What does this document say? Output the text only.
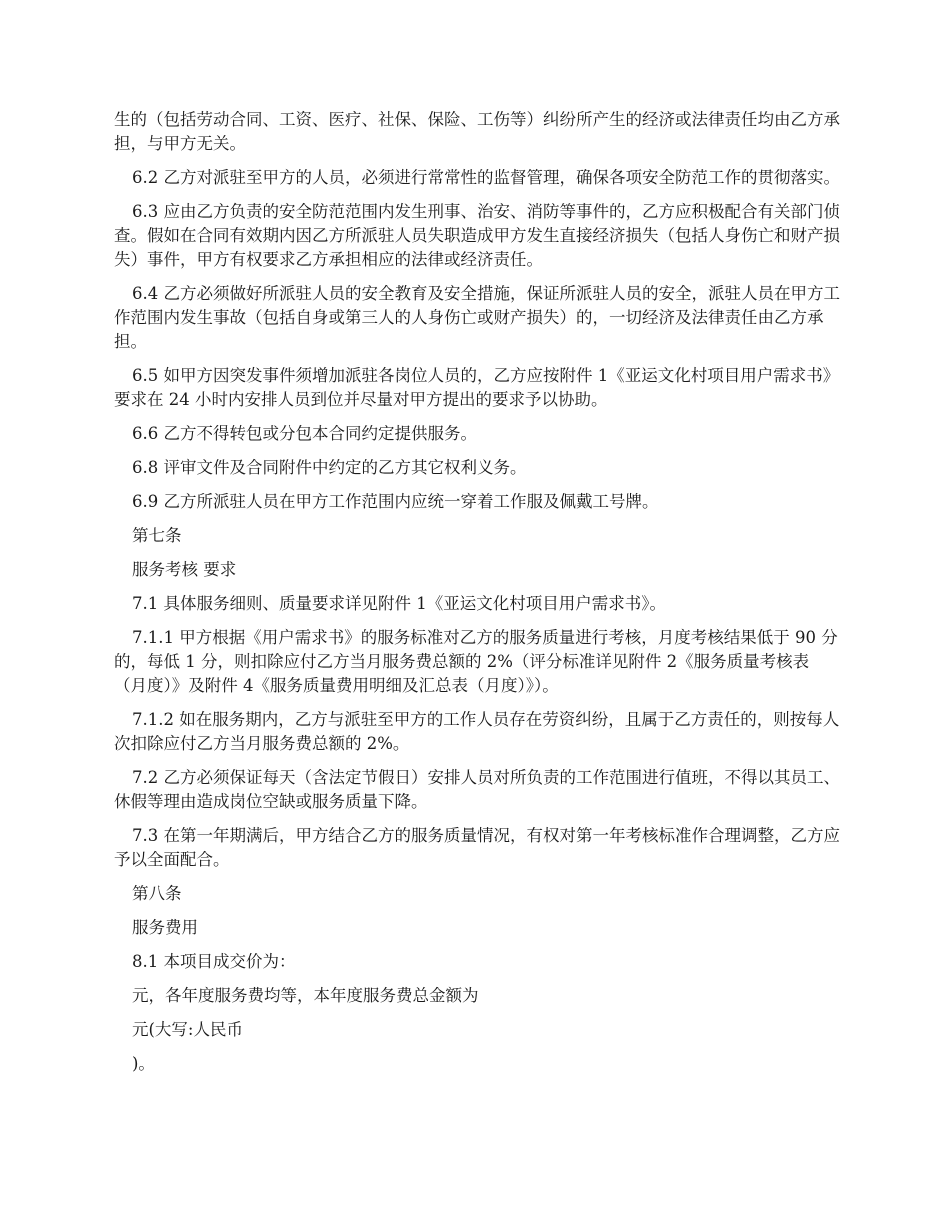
生的（包括劳动合同、工资、医疗、社保、保险、工伤等）纠纷所产生的经济或法律责任均由乙方承担，与甲方无关。

6.2 乙方对派驻至甲方的人员，必须进行常常性的监督管理，确保各项安全防范工作的贯彻落实。

6.3 应由乙方负责的安全防范范围内发生刑事、治安、消防等事件的，乙方应积极配合有关部门侦查。假如在合同有效期内因乙方所派驻人员失职造成甲方发生直接经济损失（包括人身伤亡和财产损失）事件，甲方有权要求乙方承担相应的法律或经济责任。

6.4 乙方必须做好所派驻人员的安全教育及安全措施，保证所派驻人员的安全，派驻人员在甲方工作范围内发生事故（包括自身或第三人的人身伤亡或财产损失）的，一切经济及法律责任由乙方承担。

6.5 如甲方因突发事件须增加派驻各岗位人员的，乙方应按附件 1《亚运文化村项目用户需求书》要求在 24 小时内安排人员到位并尽量对甲方提出的要求予以协助。

6.6 乙方不得转包或分包本合同约定提供服务。

6.8 评审文件及合同附件中约定的乙方其它权利义务。

6.9 乙方所派驻人员在甲方工作范围内应统一穿着工作服及佩戴工号牌。

第七条

服务考核 要求

7.1 具体服务细则、质量要求详见附件 1《亚运文化村项目用户需求书》。

7.1.1 甲方根据《用户需求书》的服务标准对乙方的服务质量进行考核，月度考核结果低于 90 分的，每低 1 分，则扣除应付乙方当月服务费总额的 2%（评分标准详见附件 2《服务质量考核表（月度）》及附件 4《服务质量费用明细及汇总表（月度）》）。

7.1.2 如在服务期内，乙方与派驻至甲方的工作人员存在劳资纠纷，且属于乙方责任的，则按每人次扣除应付乙方当月服务费总额的 2%。

7.2 乙方必须保证每天（含法定节假日）安排人员对所负责的工作范围进行值班，不得以其员工、休假等理由造成岗位空缺或服务质量下降。

7.3 在第一年期满后，甲方结合乙方的服务质量情况，有权对第一年考核标准作合理调整，乙方应予以全面配合。

第八条

服务费用

8.1 本项目成交价为：

元，各年度服务费均等，本年度服务费总金额为

元(大写:人民币

)。
